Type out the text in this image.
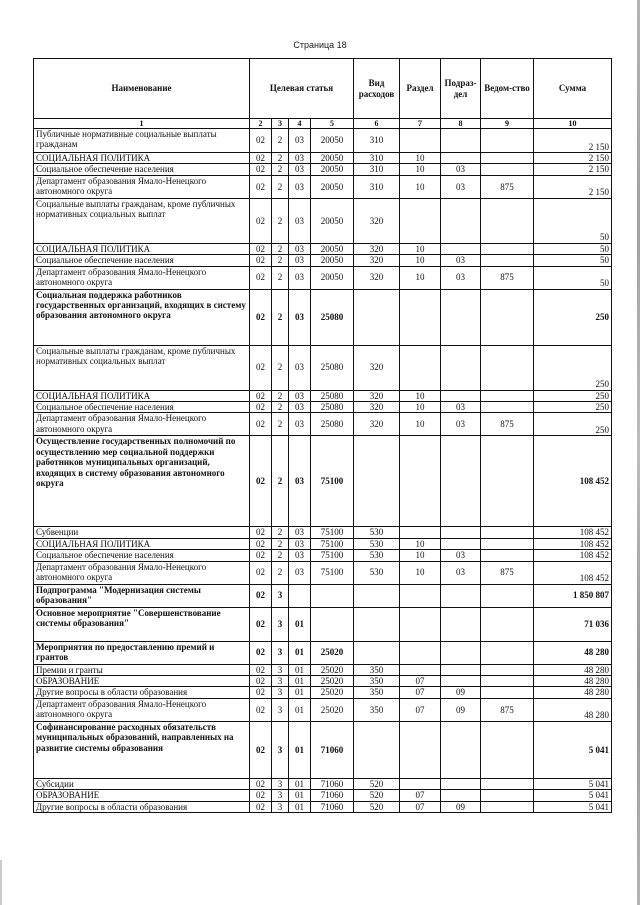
Страница 18
Наименование	Целевая статья				Вид расходов	Раздел	Подраз-дел	Ведом-ство	Сумма
1	2	3	4	5	6	7	8	9	10
Публичные нормативные социальные выплаты гражданам	02	2	03	20050	310				2 150
СОЦИАЛЬНАЯ ПОЛИТИКА	02	2	03	20050	310	10			2 150
Социальное обеспечение населения	02	2	03	20050	310	10	03		2 150
Департамент образования Ямало-Ненецкого автономного округа	02	2	03	20050	310	10	03	875	2 150
Социальные выплаты гражданам, кроме публичных нормативных социальных выплат	02	2	03	20050	320				50
СОЦИАЛЬНАЯ ПОЛИТИКА	02	2	03	20050	320	10			50
Социальное обеспечение населения	02	2	03	20050	320	10	03		50
Департамент образования Ямало-Ненецкого автономного округа	02	2	03	20050	320	10	03	875	50
Социальная поддержка работников государственных организаций, входящих в систему образования автономного округа	02	2	03	25080					250
Социальные выплаты гражданам, кроме публичных нормативных социальных выплат	02	2	03	25080	320				250
СОЦИАЛЬНАЯ ПОЛИТИКА	02	2	03	25080	320	10			250
Социальное обеспечение населения	02	2	03	25080	320	10	03		250
Департамент образования Ямало-Ненецкого автономного округа	02	2	03	25080	320	10	03	875	250
Осуществление государственных полномочий по осуществлению мер социальной поддержки работников муниципальных организаций, входящих в систему образования автономного округа	02	2	03	75100					108 452
Субвенции	02	2	03	75100	530				108 452
СОЦИАЛЬНАЯ ПОЛИТИКА	02	2	03	75100	530	10			108 452
Социальное обеспечение населения	02	2	03	75100	530	10	03		108 452
Департамент образования Ямало-Ненецкого автономного округа	02	2	03	75100	530	10	03	875	108 452
Подпрограмма "Модернизация системы образования"	02	3							1 850 807
Основное мероприятие "Совершенствование системы образования"	02	3	01						71 036
Мероприятия по предоставлению премий и грантов	02	3	01	25020					48 280
Премии и гранты	02	3	01	25020	350				48 280
ОБРАЗОВАНИЕ	02	3	01	25020	350	07			48 280
Другие вопросы в области образования	02	3	01	25020	350	07	09		48 280
Департамент образования Ямало-Ненецкого автономного округа	02	3	01	25020	350	07	09	875	48 280
Софинансирование расходных обязательств муниципальных образований, направленных на развитие системы образования	02	3	01	71060					5 041
Субсидии	02	3	01	71060	520				5 041
ОБРАЗОВАНИЕ	02	3	01	71060	520	07			5 041
Другие вопросы в области образования	02	3	01	71060	520	07	09		5 041
